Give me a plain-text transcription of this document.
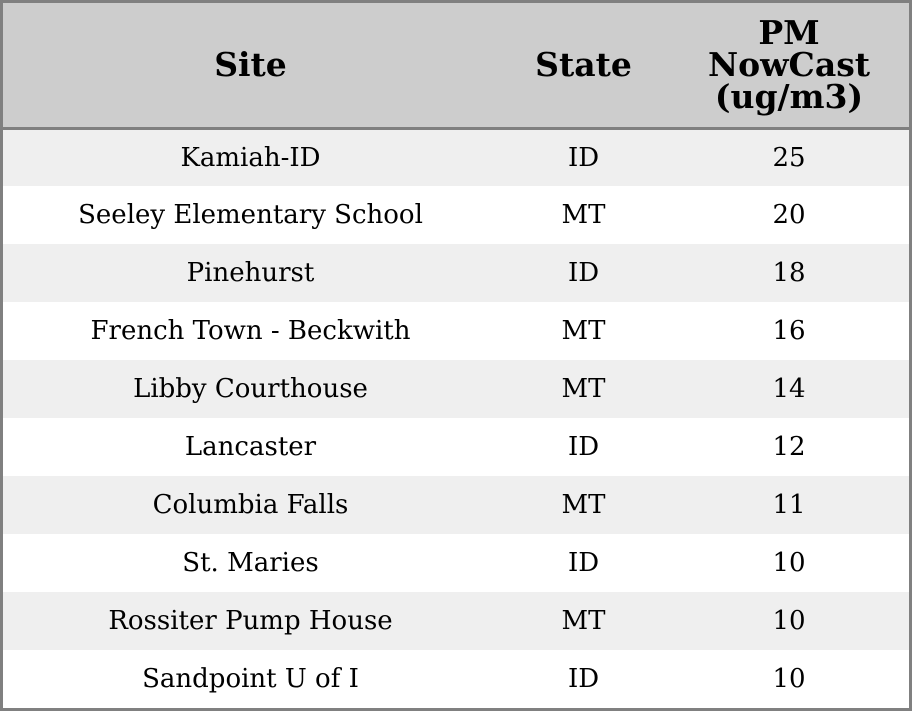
Site	State	PM
NowCast
(ug/m3)

Kamiah-ID	ID	25
Seeley Elementary School	MT	20
Pinehurst	ID	18
French Town - Beckwith	MT	16
Libby Courthouse	MT	14
Lancaster	ID	12
Columbia Falls	MT	11
St. Maries	ID	10
Rossiter Pump House	MT	10
Sandpoint U of I	ID	10
